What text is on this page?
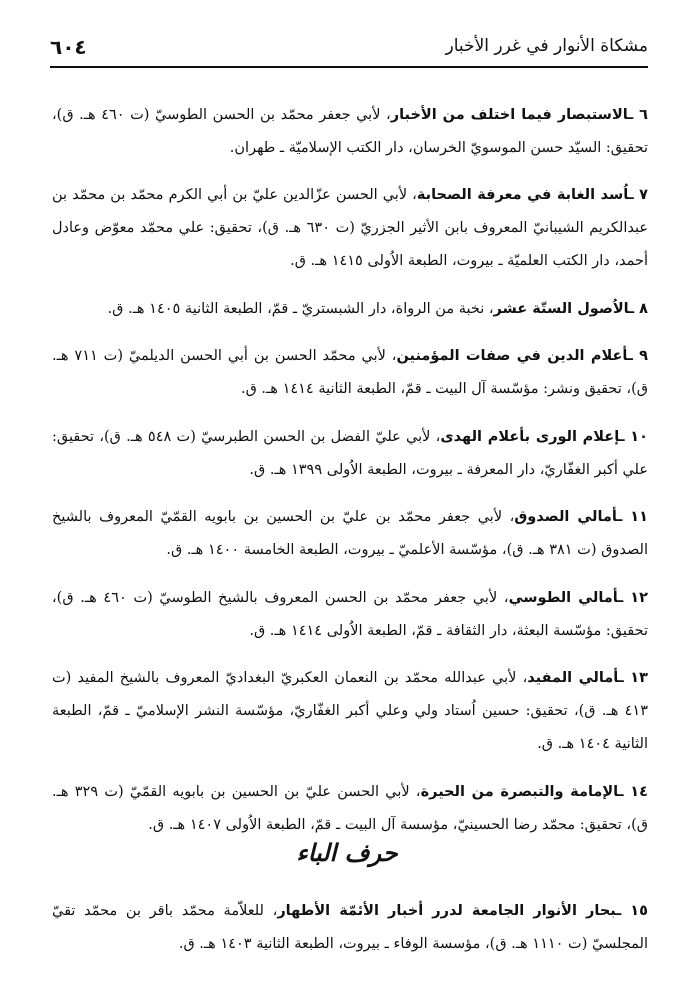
مشكاة الأنوار في غرر الأخبار
٦٠٤

٦ ـالاستبصار فيما اختلف من الأخبار، لأبي جعفر محمّد بن الحسن الطوسيّ (ت ٤٦٠ هـ. ق)، تحقيق: السيّد حسن الموسويّ الخرسان، دار الكتب الإسلاميّة ـ طهران.

٧ ـاُسد الغابة في معرفة الصحابة، لأبي الحسن عزّالدين عليّ بن أبي الكرم محمّد بن محمّد بن عبدالكريم الشيبانيّ المعروف بابن الأثير الجزريّ (ت ٦٣٠ هـ. ق)، تحقيق: علي محمّد معوّض وعادل أحمد، دار الكتب العلميّة ـ بيروت، الطبعة الاُولى ١٤١٥ هـ. ق.

٨ ـالاُصول الستّة عشر، نخبة من الرواة، دار الشبستريّ ـ قمّ، الطبعة الثانية ١٤٠٥ هـ. ق.

٩ ـأعلام الدين في صفات المؤمنين، لأبي محمّد الحسن بن أبي الحسن الديلميّ (ت ٧١١ هـ. ق)، تحقيق ونشر: مؤسّسة آل البيت ـ قمّ، الطبعة الثانية ١٤١٤ هـ. ق.

١٠ ـإعلام الورى بأعلام الهدى، لأبي عليّ الفضل بن الحسن الطبرسيّ (ت ٥٤٨ هـ. ق)، تحقيق: علي أكبر الغفّاريّ، دار المعرفة ـ بيروت، الطبعة الاُولى ١٣٩٩ هـ. ق.

١١ ـأمالي الصدوق، لأبي جعفر محمّد بن عليّ بن الحسين بن بابويه القمّيّ المعروف بالشيخ الصدوق (ت ٣٨١ هـ. ق)، مؤسّسة الأعلميّ ـ بيروت، الطبعة الخامسة ١٤٠٠ هـ. ق.

١٢ ـأمالي الطوسي، لأبي جعفر محمّد بن الحسن المعروف بالشيخ الطوسيّ (ت ٤٦٠ هـ. ق)، تحقيق: مؤسّسة البعثة، دار الثقافة ـ قمّ، الطبعة الاُولى ١٤١٤ هـ. ق.

١٣ ـأمالي المفيد، لأبي عبدالله محمّد بن النعمان العكبريّ البغداديّ المعروف بالشيخ المفيد (ت ٤١٣ هـ. ق)، تحقيق: حسين اُستاد ولي وعلي أكبر الغفّاريّ، مؤسّسة النشر الإسلاميّ ـ قمّ، الطبعة الثانية ١٤٠٤ هـ. ق.

١٤ ـالإمامة والتبصرة من الحيرة، لأبي الحسن عليّ بن الحسين بن بابويه القمّيّ (ت ٣٢٩ هـ. ق)، تحقيق: محمّد رضا الحسينيّ، مؤسسة آل البيت ـ قمّ، الطبعة الاُولى ١٤٠٧ هـ. ق.

حرف الباء

١٥ ـبحار الأنوار الجامعة لدرر أخبار الأئمّة الأطهار، للعلاّمة محمّد باقر بن محمّد تقيّ المجلسيّ (ت ١١١٠ هـ. ق)، مؤسسة الوفاء ـ بيروت، الطبعة الثانية ١٤٠٣ هـ. ق.
